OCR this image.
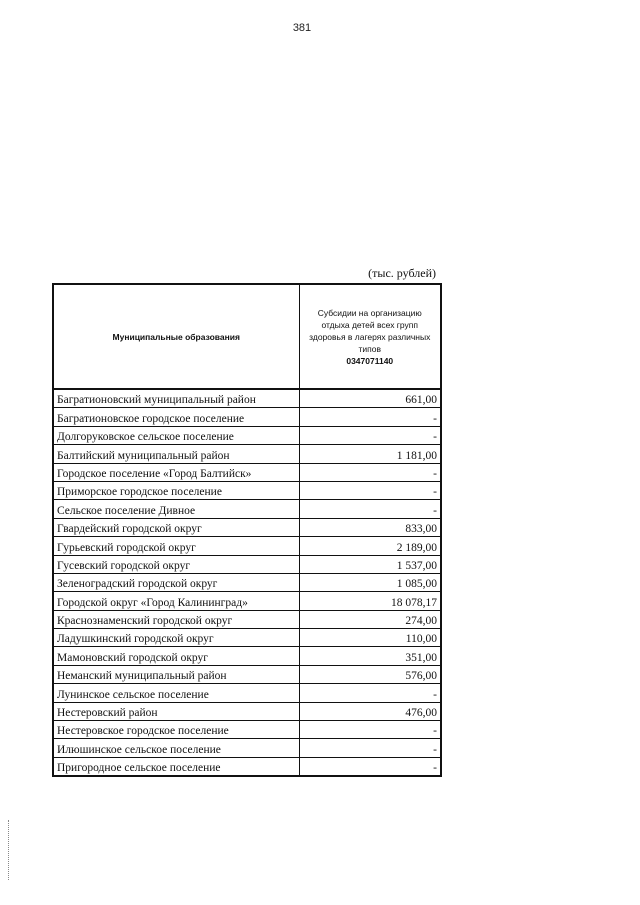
381
(тыс. рублей)
Муниципальные образования	Субсидии на организацию отдыха детей всех групп здоровья в лагерях различных типов
0347071140

Багратионовский муниципальный район	661,00
Багратионовское городское поселение	-
Долгоруковское сельское поселение	-
Балтийский муниципальный район	1 181,00
Городское поселение «Город Балтийск»	-
Приморское городское поселение	-
Сельское поселение Дивное	-
Гвардейский городской округ	833,00
Гурьевский городской округ	2 189,00
Гусевский городской округ	1 537,00
Зеленоградский городской округ	1 085,00
Городской округ «Город Калининград»	18 078,17
Краснознаменский городской округ	274,00
Ладушкинский городской округ	110,00
Мамоновский городской округ	351,00
Неманский муниципальный район	576,00
Лунинское сельское поселение	-
Нестеровский район	476,00
Нестеровское городское поселение	-
Илюшинское сельское поселение	-
Пригородное сельское поселение	-
